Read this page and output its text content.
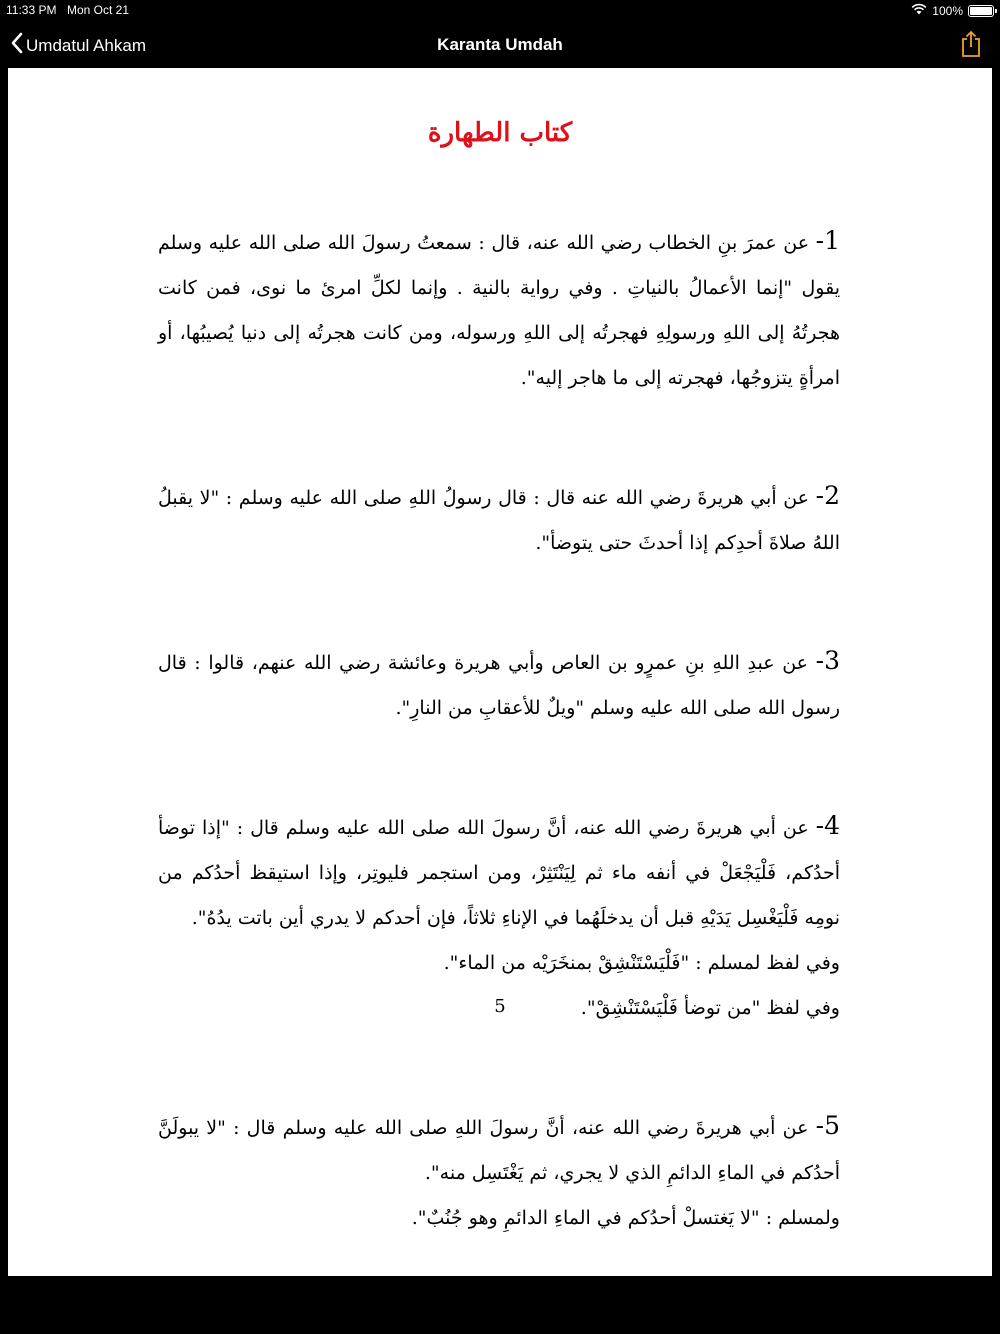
11:33 PM Mon Oct 21	100%
Umdatul Ahkam	Karanta Umdah
كتاب الطهارة

1- عن عمرَ بنِ الخطاب رضي الله عنه، قال : سمعتُ رسولَ الله صلى الله عليه وسلم يقول "إنما الأعمالُ بالنياتِ . وفي رواية بالنية . وإنما لكلِّ امرئ ما نوى، فمن كانت هجرتُهُ إلى اللهِ ورسولِهِ فهجرتُه إلى اللهِ ورسوله، ومن كانت هجرتُه إلى دنيا يُصيبُها، أو امرأةٍ يتزوجُها، فهجرته إلى ما هاجر إليه".

2- عن أبي هريرةَ رضي الله عنه قال : قال رسولُ اللهِ صلى الله عليه وسلم : "لا يقبلُ اللهُ صلاةَ أحدِكم إذا أحدثَ حتى يتوضأ".

3- عن عبدِ اللهِ بنِ عمرٍو بن العاص وأبي هريرة وعائشة رضي الله عنهم، قالوا : قال رسول الله صلى الله عليه وسلم "ويلٌ للأعقابِ من النارِ".

4- عن أبي هريرةَ رضي الله عنه، أنَّ رسولَ الله صلى الله عليه وسلم قال : "إذا توضأ أحدُكم، فَلْيَجْعَلْ في أنفه ماء ثم لِيَنْتَثِرْ، ومن استجمر فليوتِر، وإذا استيقظ أحدُكم من نومِه فَلْيَغْسِل يَدَيْهِ قبل أن يدخلَهُما في الإناءِ ثلاثاً، فإن أحدكم لا يدري أين باتت يدُهُ".

وفي لفظ لمسلم : "فَلْيَسْتَنْشِقْ بمنخَرَيْه من الماء".

وفي لفظ "من توضأ فَلْيَسْتَنْشِقْ".

5- عن أبي هريرةَ رضي الله عنه، أنَّ رسولَ اللهِ صلى الله عليه وسلم قال : "لا يبولَنَّ أحدُكم في الماءِ الدائمِ الذي لا يجري، ثم يَغْتَسِل منه".

ولمسلم : "لا يَغتسلْ أحدُكم في الماءِ الدائمِ وهو جُنُبٌ".

5
